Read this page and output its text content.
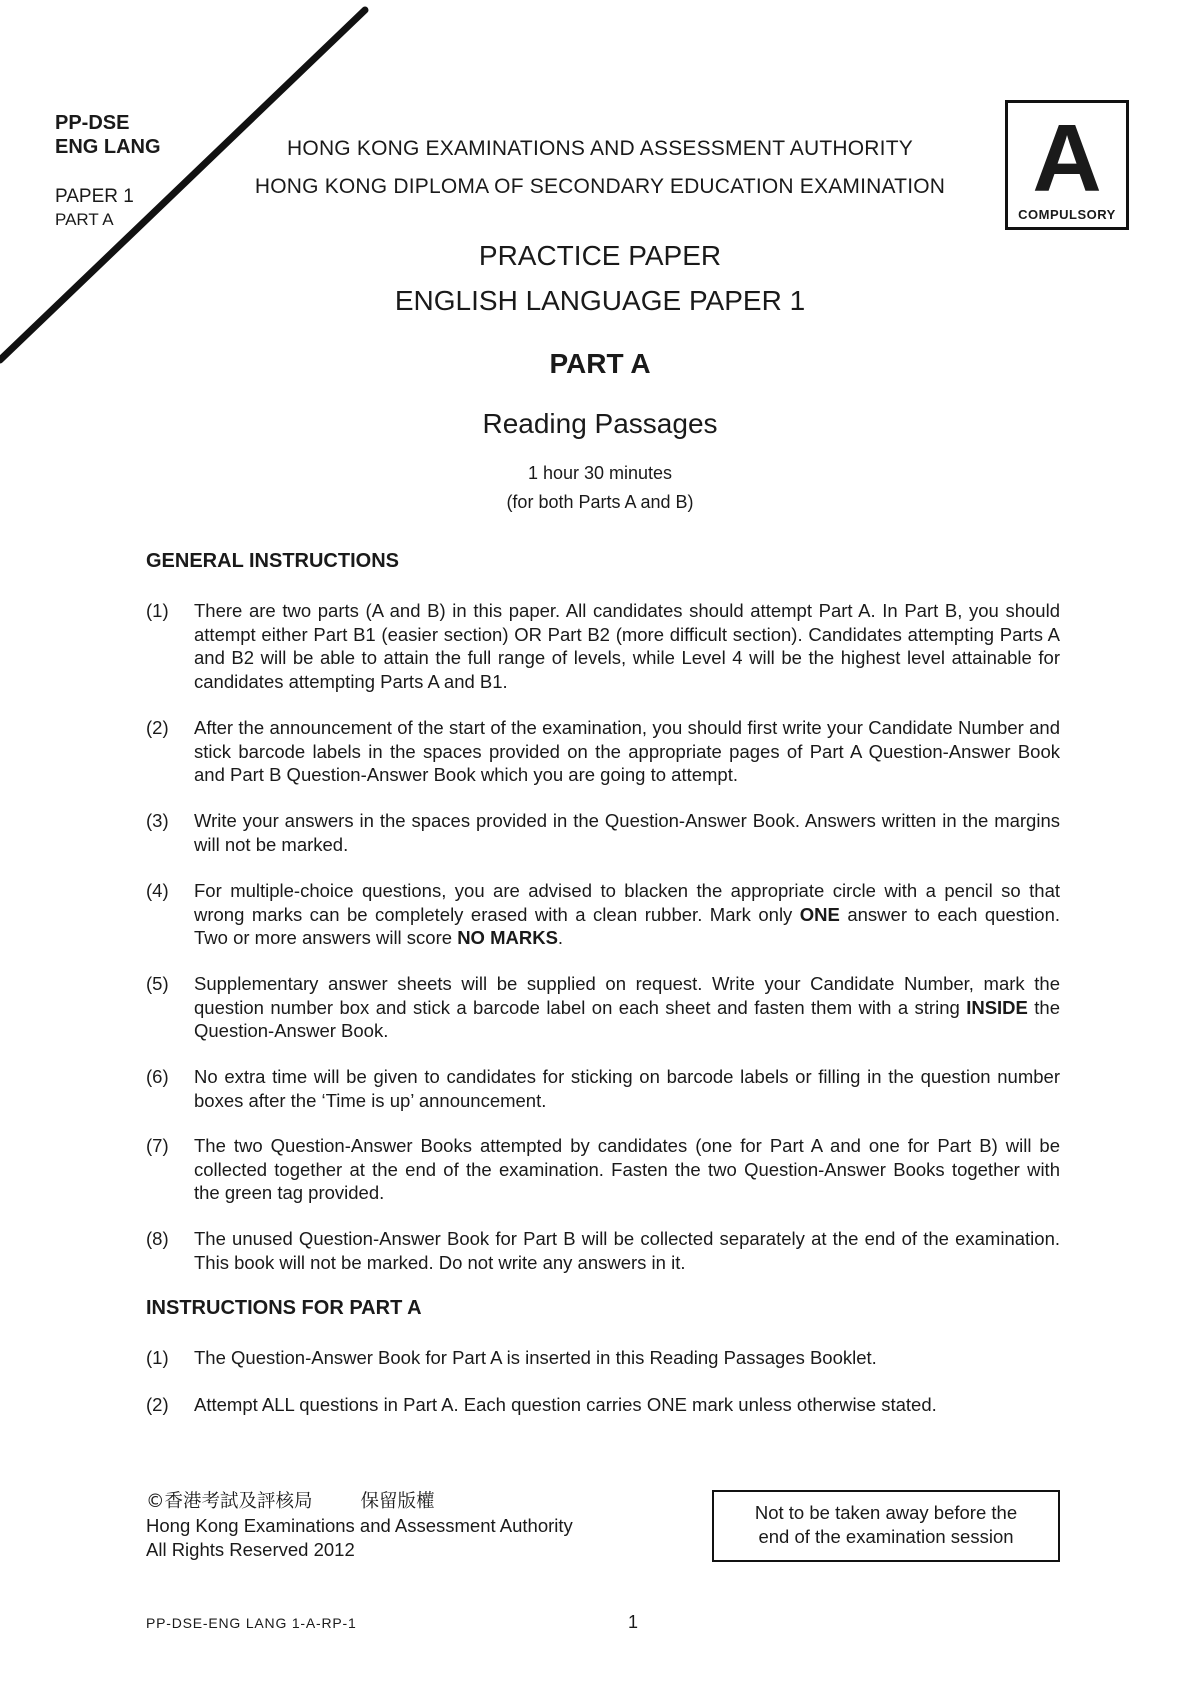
PP-DSE
ENG LANG
PAPER 1
PART A
HONG KONG EXAMINATIONS AND ASSESSMENT AUTHORITY
HONG KONG DIPLOMA OF SECONDARY EDUCATION EXAMINATION A
COMPULSORY
PRACTICE PAPER
ENGLISH LANGUAGE PAPER 1
PART A
Reading Passages
1 hour 30 minutes
(for both Parts A and B)
GENERAL INSTRUCTIONS
(1)	There are two parts (A and B) in this paper. All candidates should attempt Part A. In Part B, you should attempt either Part B1 (easier section) OR Part B2 (more difficult section). Candidates attempting Parts A and B2 will be able to attain the full range of levels, while Level 4 will be the highest level attainable for candidates attempting Parts A and B1.
(2)	After the announcement of the start of the examination, you should first write your Candidate Number and stick barcode labels in the spaces provided on the appropriate pages of Part A Question-Answer Book and Part B Question-Answer Book which you are going to attempt.
(3)	Write your answers in the spaces provided in the Question-Answer Book. Answers written in the margins will not be marked.
(4)	For multiple-choice questions, you are advised to blacken the appropriate circle with a pencil so that wrong marks can be completely erased with a clean rubber. Mark only ONE answer to each question. Two or more answers will score NO MARKS.
(5)	Supplementary answer sheets will be supplied on request. Write your Candidate Number, mark the question number box and stick a barcode label on each sheet and fasten them with a string INSIDE the Question-Answer Book.
(6)	No extra time will be given to candidates for sticking on barcode labels or filling in the question number boxes after the ‘Time is up’ announcement.
(7)	The two Question-Answer Books attempted by candidates (one for Part A and one for Part B) will be collected together at the end of the examination. Fasten the two Question-Answer Books together with the green tag provided.
(8)	The unused Question-Answer Book for Part B will be collected separately at the end of the examination. This book will not be marked. Do not write any answers in it.
INSTRUCTIONS FOR PART A
(1)	The Question-Answer Book for Part A is inserted in this Reading Passages Booklet.
(2)	Attempt ALL questions in Part A. Each question carries ONE mark unless otherwise stated.
©香港考試及評核局	保留版權
Hong Kong Examinations and Assessment Authority
All Rights Reserved 2012
Not to be taken away before the
end of the examination session
PP-DSE-ENG LANG 1-A-RP-1	1
